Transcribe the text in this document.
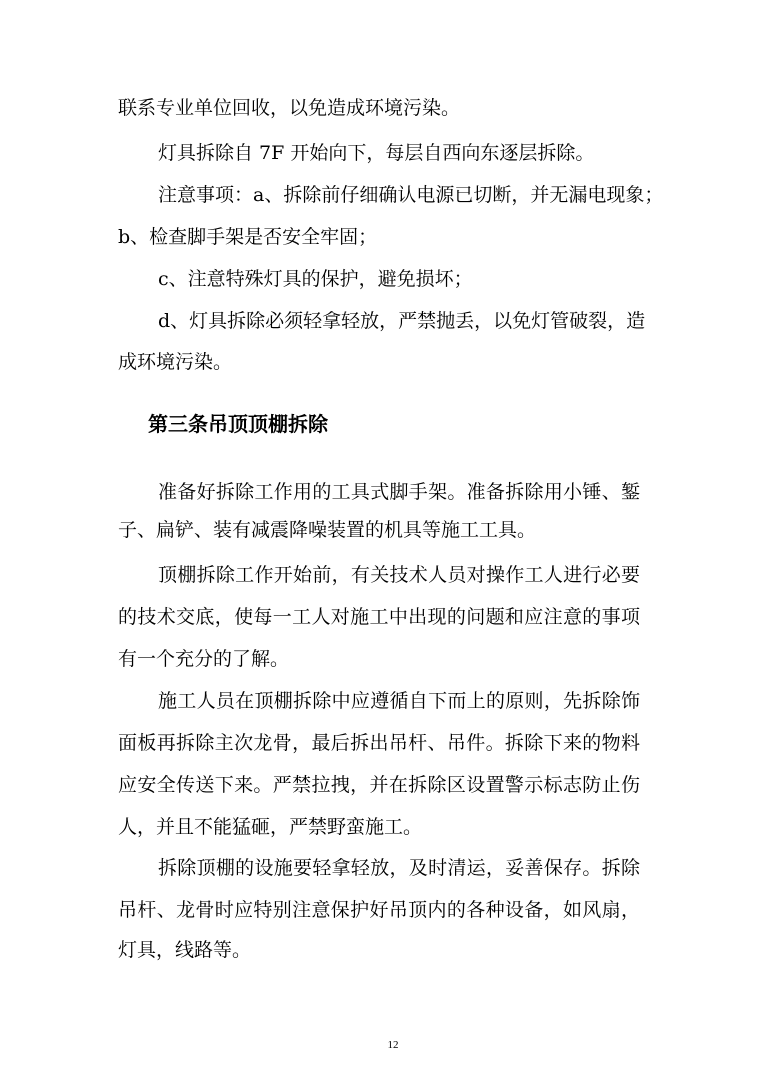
联系专业单位回收，以免造成环境污染。
灯具拆除自 7F 开始向下，每层自西向东逐层拆除。
注意事项：a、拆除前仔细确认电源已切断，并无漏电现象；
b、检查脚手架是否安全牢固；
c、注意特殊灯具的保护，避免损坏；
d、灯具拆除必须轻拿轻放，严禁抛丢，以免灯管破裂，造
成环境污染。
第三条吊顶顶棚拆除
准备好拆除工作用的工具式脚手架。准备拆除用小锤、錾
子、扁铲、装有减震降噪装置的机具等施工工具。
顶棚拆除工作开始前，有关技术人员对操作工人进行必要
的技术交底，使每一工人对施工中出现的问题和应注意的事项
有一个充分的了解。
施工人员在顶棚拆除中应遵循自下而上的原则，先拆除饰
面板再拆除主次龙骨，最后拆出吊杆、吊件。拆除下来的物料
应安全传送下来。严禁拉拽，并在拆除区设置警示标志防止伤
人，并且不能猛砸，严禁野蛮施工。
拆除顶棚的设施要轻拿轻放，及时清运，妥善保存。拆除
吊杆、龙骨时应特别注意保护好吊顶内的各种设备，如风扇，
灯具，线路等。
12
